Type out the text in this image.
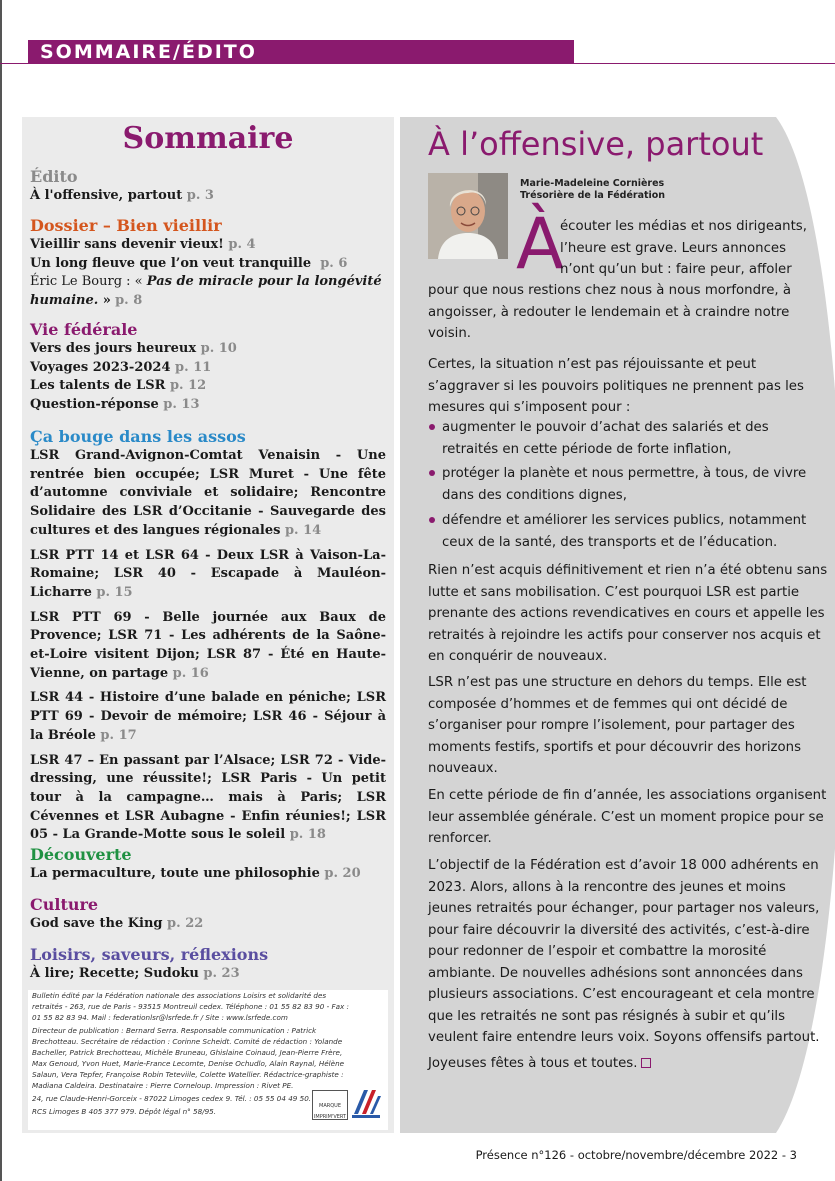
SOMMAIRE/ÉDITO
Sommaire
Édito
À l'offensive, partout p. 3
Dossier – Bien vieillir
Vieillir sans devenir vieux! p. 4
Un long fleuve que l’on veut tranquille p. 6
Éric Le Bourg : « Pas de miracle pour la longévité humaine. » p. 8
Vie fédérale
Vers des jours heureux p. 10
Voyages 2023-2024 p. 11
Les talents de LSR p. 12
Question-réponse p. 13
Ça bouge dans les assos
LSR Grand-Avignon-Comtat Venaisin - Une rentrée bien occupée; LSR Muret - Une fête d’automne conviviale et solidaire; Rencontre Solidaire des LSR d’Occitanie - Sauvegarde des cultures et des langues régionales p. 14
LSR PTT 14 et LSR 64 - Deux LSR à Vaison-La-Romaine; LSR 40 - Escapade à Mauléon-Licharre p. 15
LSR PTT 69 - Belle journée aux Baux de Provence; LSR 71 - Les adhérents de la Saône-et-Loire visitent Dijon; LSR 87 - Été en Haute-Vienne, on partage p. 16
LSR 44 - Histoire d’une balade en péniche; LSR PTT 69 - Devoir de mémoire; LSR 46 - Séjour à la Bréole p. 17
LSR 47 – En passant par l’Alsace; LSR 72 - Vide-dressing, une réussite!; LSR Paris - Un petit tour à la campagne… mais à Paris; LSR Cévennes et LSR Aubagne - Enfin réunies!; LSR 05 - La Grande-Motte sous le soleil p. 18
Découverte
La permaculture, toute une philosophie p. 20
Culture
God save the King p. 22
Loisirs, saveurs, réflexions
À lire; Recette; Sudoku p. 23

Bulletin édité par la Fédération nationale des associations Loisirs et solidarité des retraités - 263, rue de Paris - 93515 Montreuil cedex. Téléphone : 01 55 82 83 90 - Fax : 01 55 82 83 94. Mail : federationlsr@lsrfede.fr / Site : www.lsrfede.com

Directeur de publication : Bernard Serra. Responsable communication : Patrick Brechotteau. Secrétaire de rédaction : Corinne Scheidt. Comité de rédaction : Yolande Bacheller, Patrick Brechotteau, Michèle Bruneau, Ghislaine Coinaud, Jean-Pierre Frère, Max Genoud, Yvon Huet, Marie-France Lecomte, Denise Ochudlo, Alain Raynal, Hélène Salaun, Vera Tepfer, Françoise Robin Teteviile, Colette Watellier. Rédactrice-graphiste : Madiana Caldeira. Destinataire : Pierre Corneloup. Impression : Rivet PE.

24, rue Claude-Henri-Gorceix - 87022 Limoges cedex 9. Tél. : 05 55 04 49 50.

RCS Limoges B 405 377 979. Dépôt légal n° 58/95.

MARQUE IMPRIM'VERT
À l’offensive, partout
Marie-Madeleine Cornières
Trésorière de la Fédération
À
écouter les médias et nos dirigeants,
l’heure est grave. Leurs annonces
n’ont qu’un but : faire peur, affoler

pour que nous restions chez nous à nous morfondre, à angoisser, à redouter le lendemain et à craindre notre voisin.

Certes, la situation n’est pas réjouissante et peut s’aggraver si les pouvoirs politiques ne prennent pas les mesures qui s’imposent pour :

augmenter le pouvoir d’achat des salariés et des retraités en cette période de forte inflation,
protéger la planète et nous permettre, à tous, de vivre dans des conditions dignes,
défendre et améliorer les services publics, notamment ceux de la santé, des transports et de l’éducation.

Rien n’est acquis définitivement et rien n’a été obtenu sans lutte et sans mobilisation. C’est pourquoi LSR est partie prenante des actions revendicatives en cours et appelle les retraités à rejoindre les actifs pour conserver nos acquis et en conquérir de nouveaux.

LSR n’est pas une structure en dehors du temps. Elle est composée d’hommes et de femmes qui ont décidé de s’organiser pour rompre l’isolement, pour partager des moments festifs, sportifs et pour découvrir des horizons nouveaux.

En cette période de fin d’année, les associations organisent leur assemblée générale. C’est un moment propice pour se renforcer.

L’objectif de la Fédération est d’avoir 18 000 adhérents en 2023. Alors, allons à la rencontre des jeunes et moins jeunes retraités pour échanger, pour partager nos valeurs, pour faire découvrir la diversité des activités, c’est-à-dire pour redonner de l’espoir et combattre la morosité ambiante. De nouvelles adhésions sont annoncées dans plusieurs associations. C’est encourageant et cela montre que les retraités ne sont pas résignés à subir et qu’ils veulent faire entendre leurs voix. Soyons offensifs partout.

Joyeuses fêtes à tous et toutes.

Présence n°126 - octobre/novembre/décembre 2022 - 3
